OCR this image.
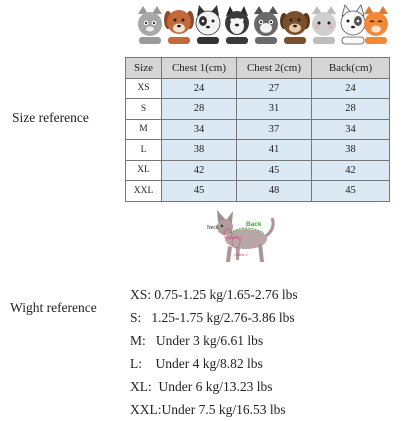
Size reference
Size	Chest 1(cm)	Chest 2(cm)	Back(cm)
XS	24	27	24
S	28	31	28
M	34	37	34
L	38	41	38
XL	42	45	42
XXL	45	48	45
Neck	Back
Chest 1
Chest 2
Wight reference
XS: 0.75-1.25 kg/1.65-2.76 lbs
S:   1.25-1.75 kg/2.76-3.86 lbs
M:   Under 3 kg/6.61 lbs
L:    Under 4 kg/8.82 lbs
XL:  Under 6 kg/13.23 lbs
XXL:Under 7.5 kg/16.53 lbs
